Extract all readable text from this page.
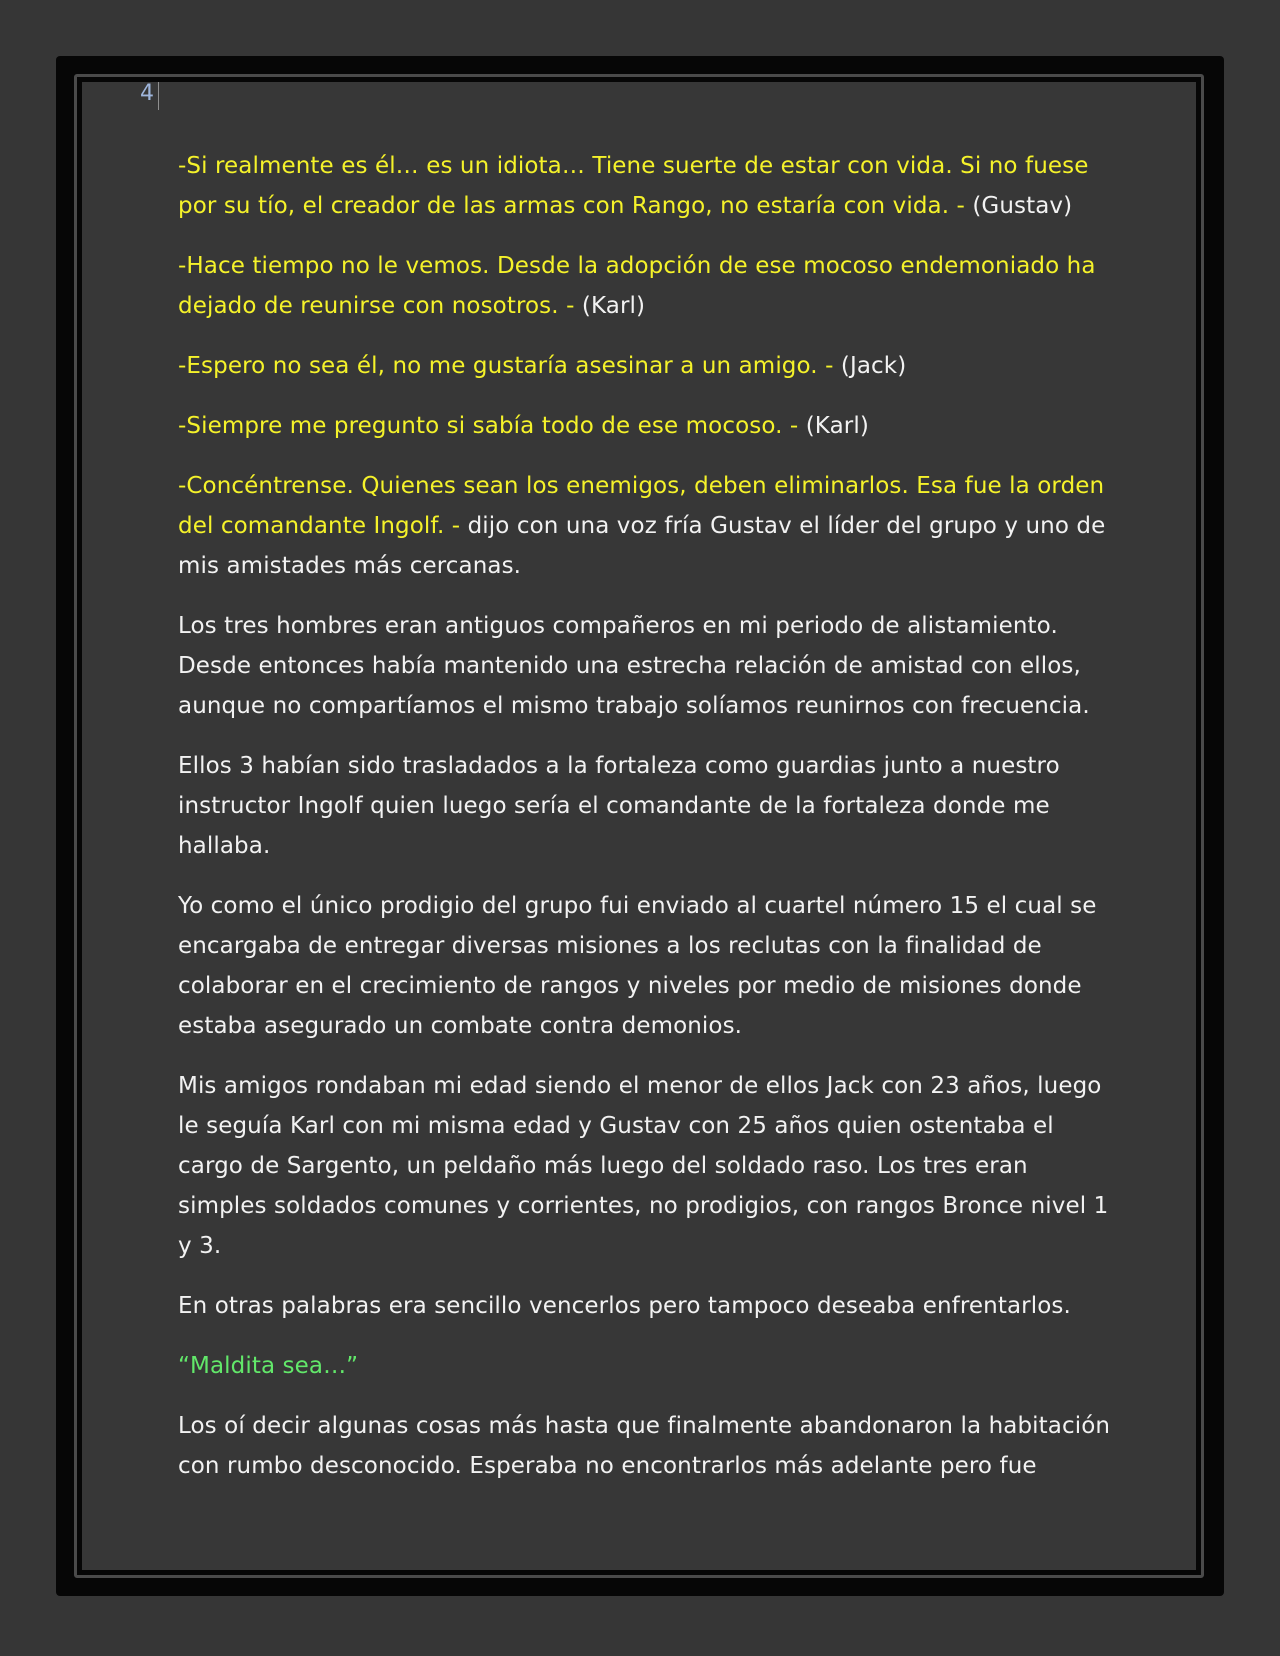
4

-Si realmente es él… es un idiota… Tiene suerte de estar con vida. Si no fuese por su tío, el creador de las armas con Rango, no estaría con vida. - (Gustav)

-Hace tiempo no le vemos. Desde la adopción de ese mocoso endemoniado ha dejado de reunirse con nosotros. - (Karl)

-Espero no sea él, no me gustaría asesinar a un amigo. - (Jack)

-Siempre me pregunto si sabía todo de ese mocoso. - (Karl)

-Concéntrense. Quienes sean los enemigos, deben eliminarlos. Esa fue la orden del comandante Ingolf. - dijo con una voz fría Gustav el líder del grupo y uno de mis amistades más cercanas.

Los tres hombres eran antiguos compañeros en mi periodo de alistamiento. Desde entonces había mantenido una estrecha relación de amistad con ellos, aunque no compartíamos el mismo trabajo solíamos reunirnos con frecuencia.

Ellos 3 habían sido trasladados a la fortaleza como guardias junto a nuestro instructor Ingolf quien luego sería el comandante de la fortaleza donde me hallaba.

Yo como el único prodigio del grupo fui enviado al cuartel número 15 el cual se encargaba de entregar diversas misiones a los reclutas con la finalidad de colaborar en el crecimiento de rangos y niveles por medio de misiones donde estaba asegurado un combate contra demonios.

Mis amigos rondaban mi edad siendo el menor de ellos Jack con 23 años, luego le seguía Karl con mi misma edad y Gustav con 25 años quien ostentaba el cargo de Sargento, un peldaño más luego del soldado raso. Los tres eran simples soldados comunes y corrientes, no prodigios, con rangos Bronce nivel 1 y 3.

En otras palabras era sencillo vencerlos pero tampoco deseaba enfrentarlos.

“Maldita sea…”

Los oí decir algunas cosas más hasta que finalmente abandonaron la habitación con rumbo desconocido. Esperaba no encontrarlos más adelante pero fue
